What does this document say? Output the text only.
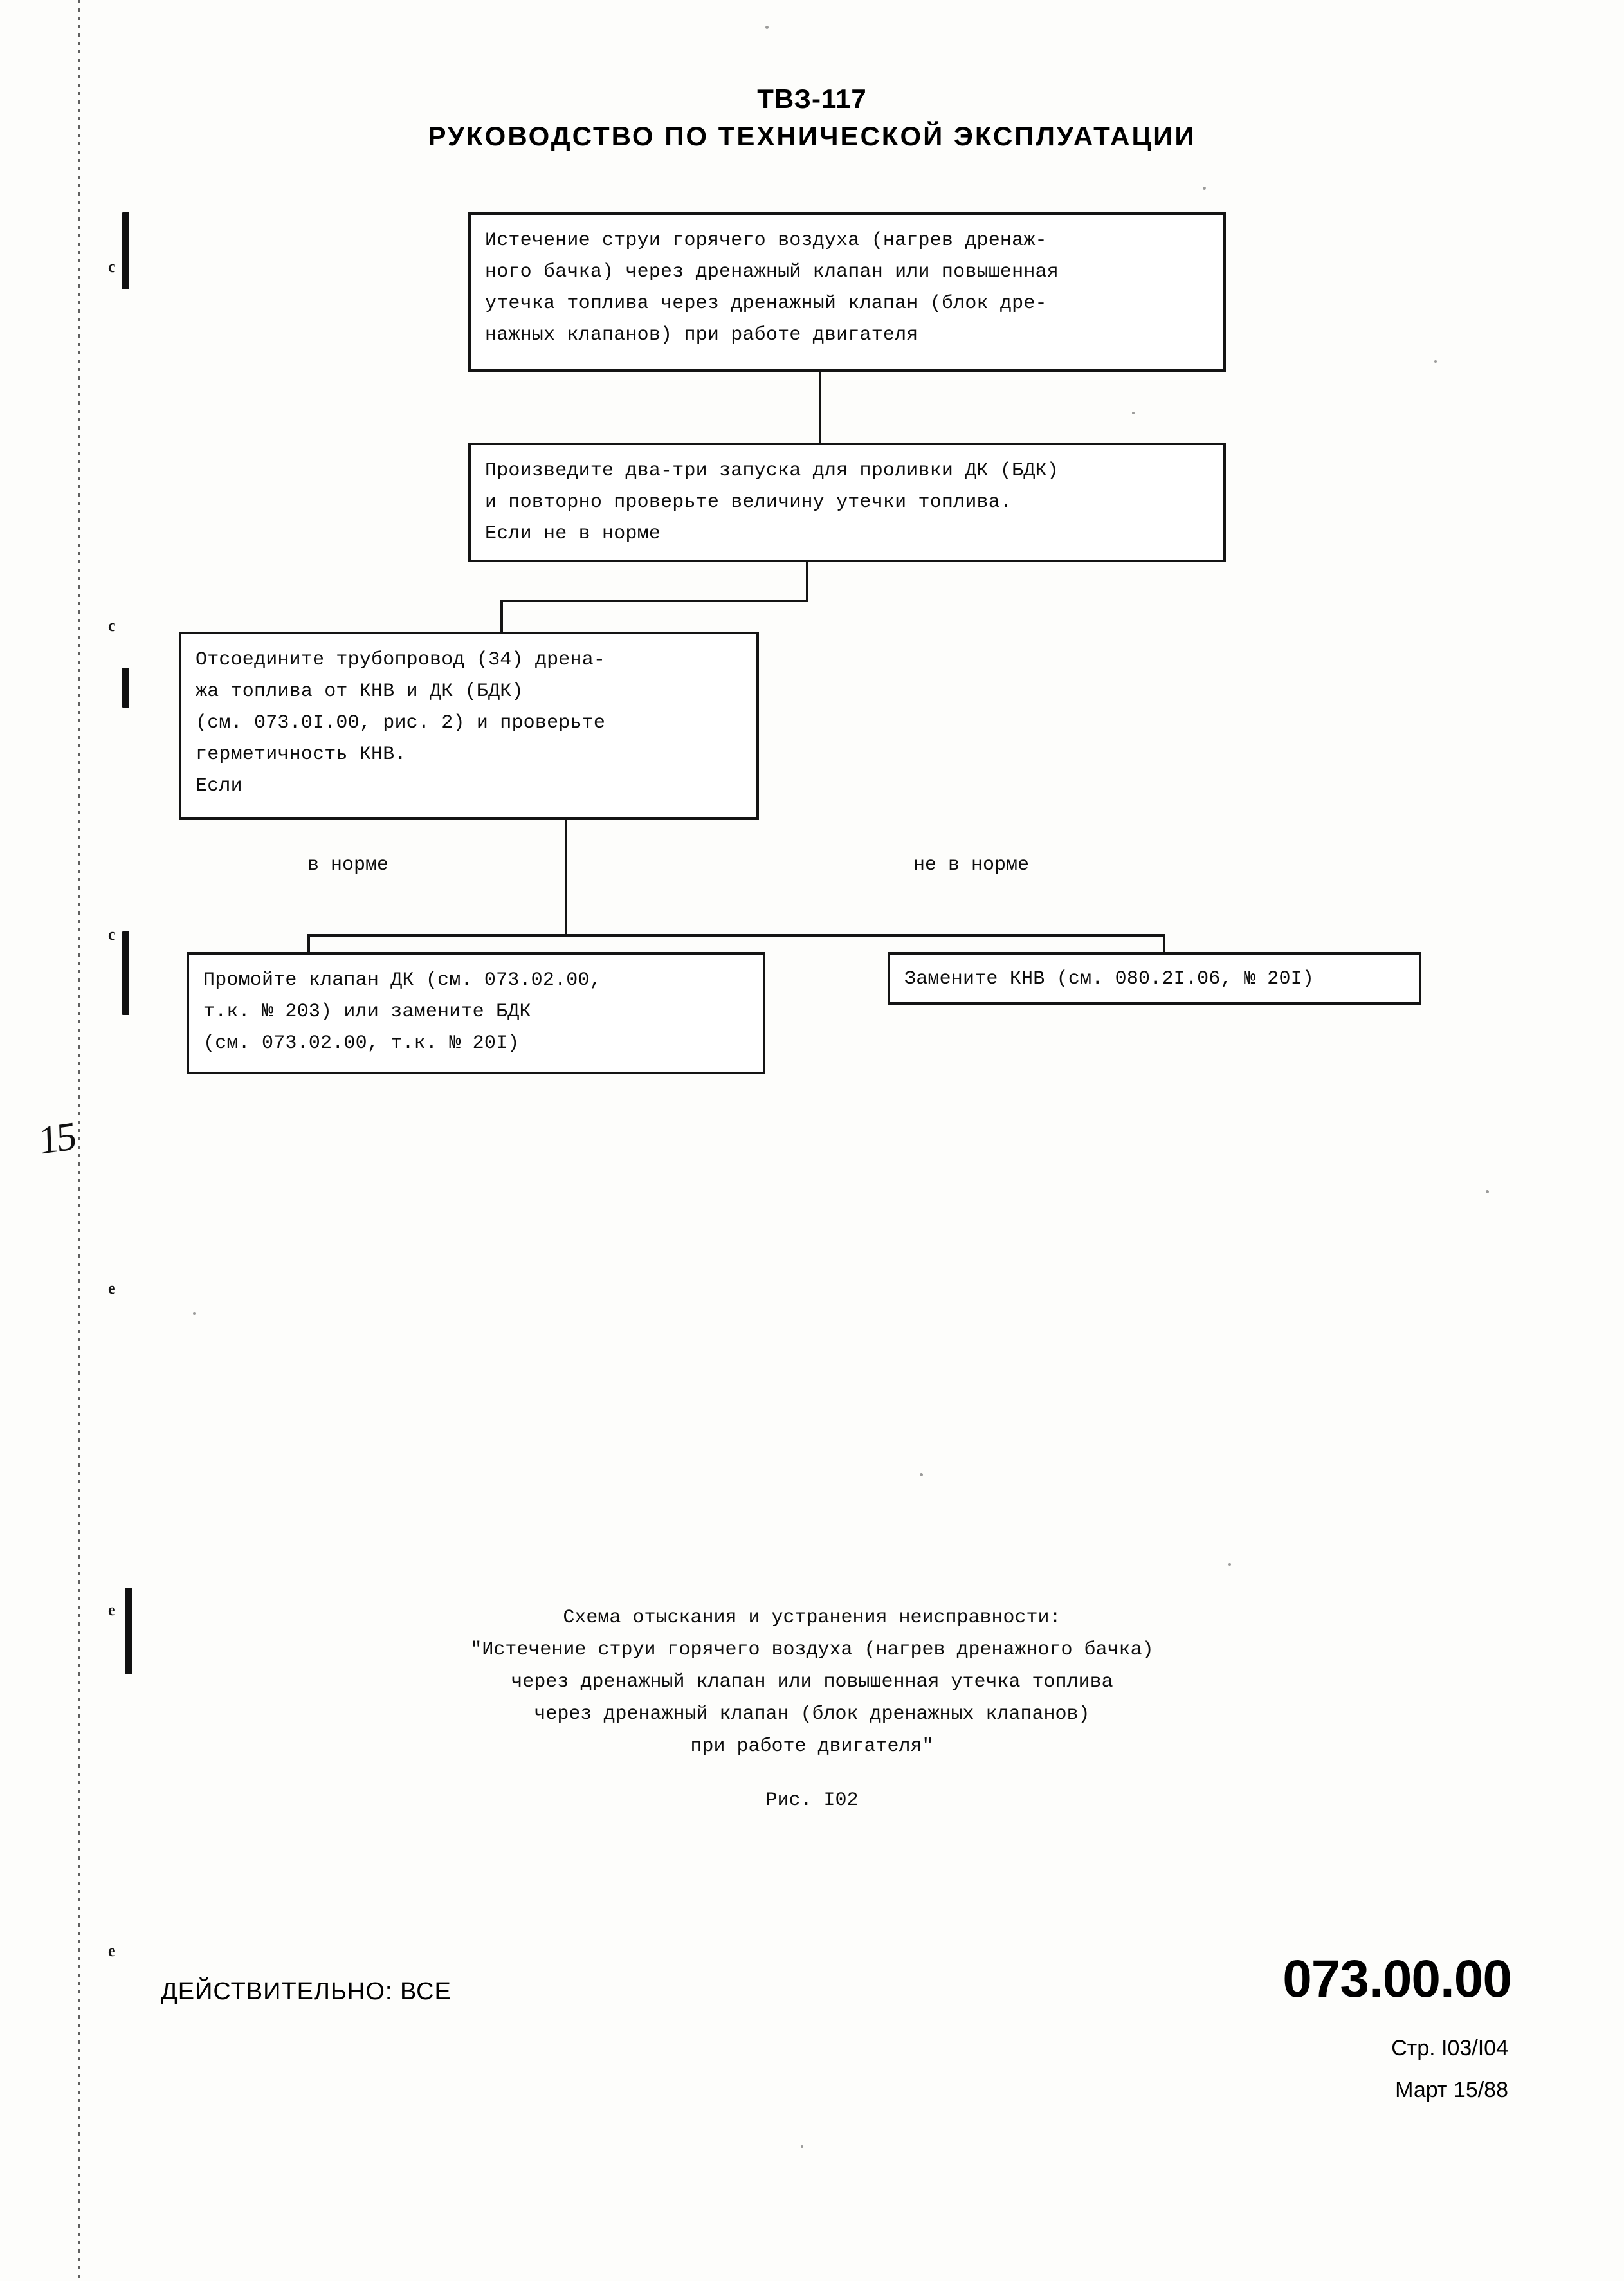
c
c
c
e
e
e
15
ТВЗ-117
РУКОВОДСТВО ПО ТЕХНИЧЕСКОЙ ЭКСПЛУАТАЦИИ
Истечение струи горячего воздуха (нагрев дренаж-
ного бачка) через дренажный клапан или повышенная
утечка топлива через дренажный клапан (блок дре-
нажных клапанов) при работе двигателя
Произведите два-три запуска для проливки ДК (БДК)
и повторно проверьте величину утечки топлива.
Если не в норме
Отсоедините трубопровод (34) дрена-
жа топлива от КНВ и ДК (БДК)
(см. 073.0I.00, рис. 2) и проверьте
герметичность КНВ.
Если
в норме	не в норме
Промойте клапан ДК (см. 073.02.00,
т.к. № 203) или замените БДК
(см. 073.02.00, т.к. № 20I)
Замените КНВ (см. 080.2I.06, № 20I)
Схема отыскания и устранения неисправности:
"Истечение струи горячего воздуха (нагрев дренажного бачка)
через дренажный клапан или повышенная утечка топлива
через дренажный клапан (блок дренажных клапанов)
при работе двигателя"
Рис. I02
ДЕЙСТВИТЕЛЬНО: ВСЕ	073.00.00
Стр. I03/I04
Март 15/88
